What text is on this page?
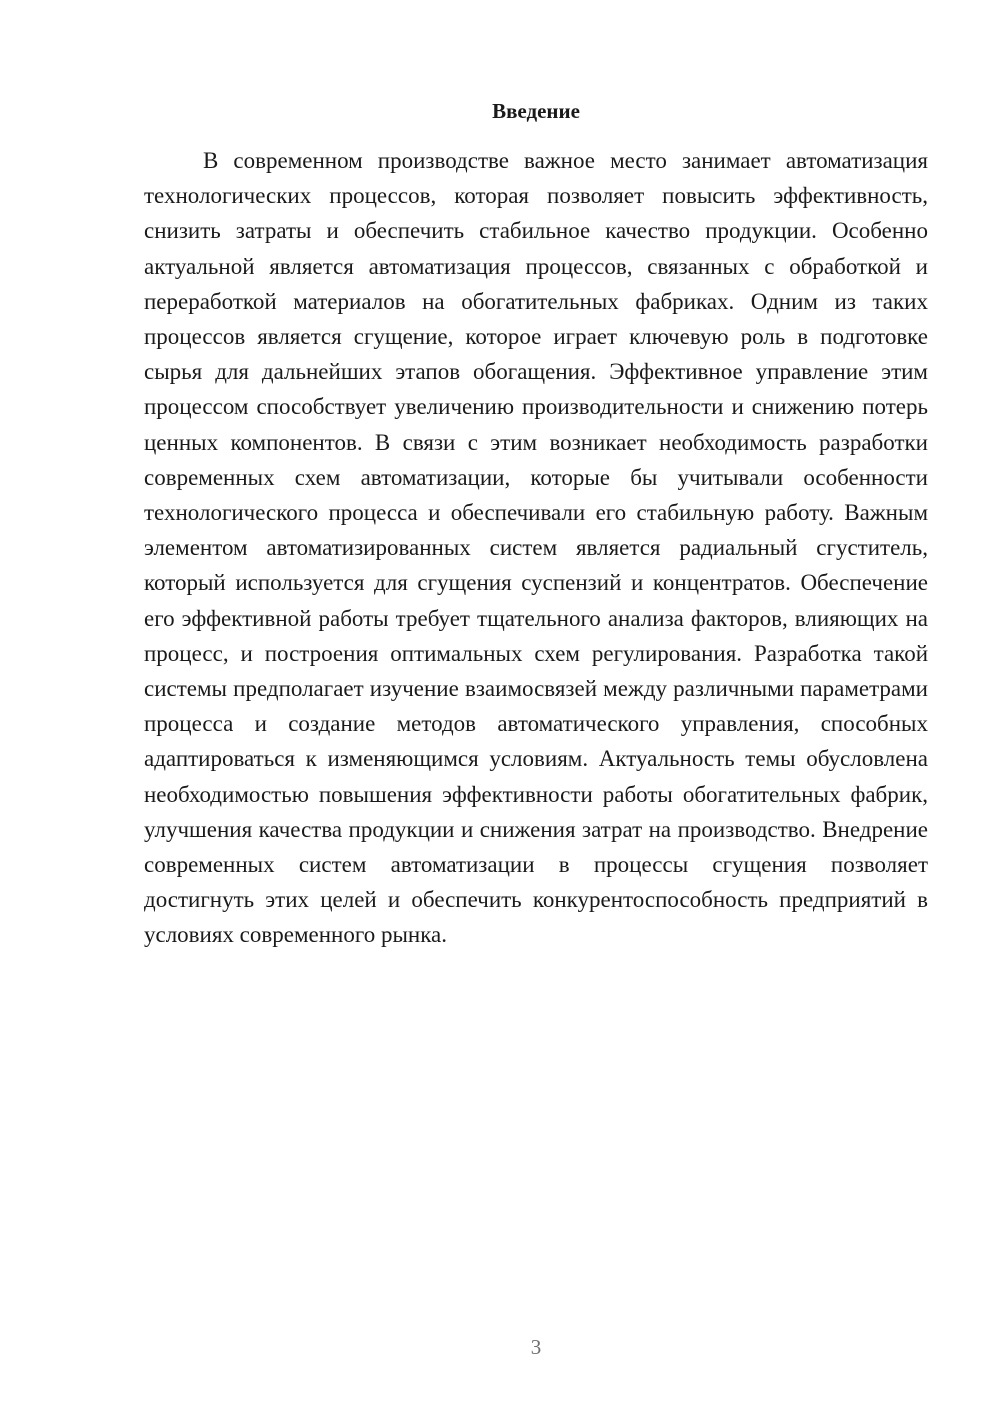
Введение

В современном производстве важное место занимает автоматизация технологических процессов, которая позволяет повысить эффективность, снизить затраты и обеспечить стабильное качество продукции. Особенно актуальной является автоматизация процессов, связанных с обработкой и переработкой материалов на обогатительных фабриках. Одним из таких процессов является сгущение, которое играет ключевую роль в подготовке сырья для дальнейших этапов обогащения. Эффективное управление этим процессом способствует увеличению производительности и снижению потерь ценных компонентов. В связи с этим возникает необходимость разработки современных схем автоматизации, которые бы учитывали особенности технологического процесса и обеспечивали его стабильную работу. Важным элементом автоматизированных систем является радиальный сгуститель, который используется для сгущения суспензий и концентратов. Обеспечение его эффективной работы требует тщательного анализа факторов, влияющих на процесс, и построения оптимальных схем регулирования. Разработка такой системы предполагает изучение взаимосвязей между различными параметрами процесса и создание методов автоматического управления, способных адаптироваться к изменяющимся условиям. Актуальность темы обусловлена необходимостью повышения эффективности работы обогатительных фабрик, улучшения качества продукции и снижения затрат на производство. Внедрение современных систем автоматизации в процессы сгущения позволяет достигнуть этих целей и обеспечить конкурентоспособность предприятий в условиях современного рынка.

3
